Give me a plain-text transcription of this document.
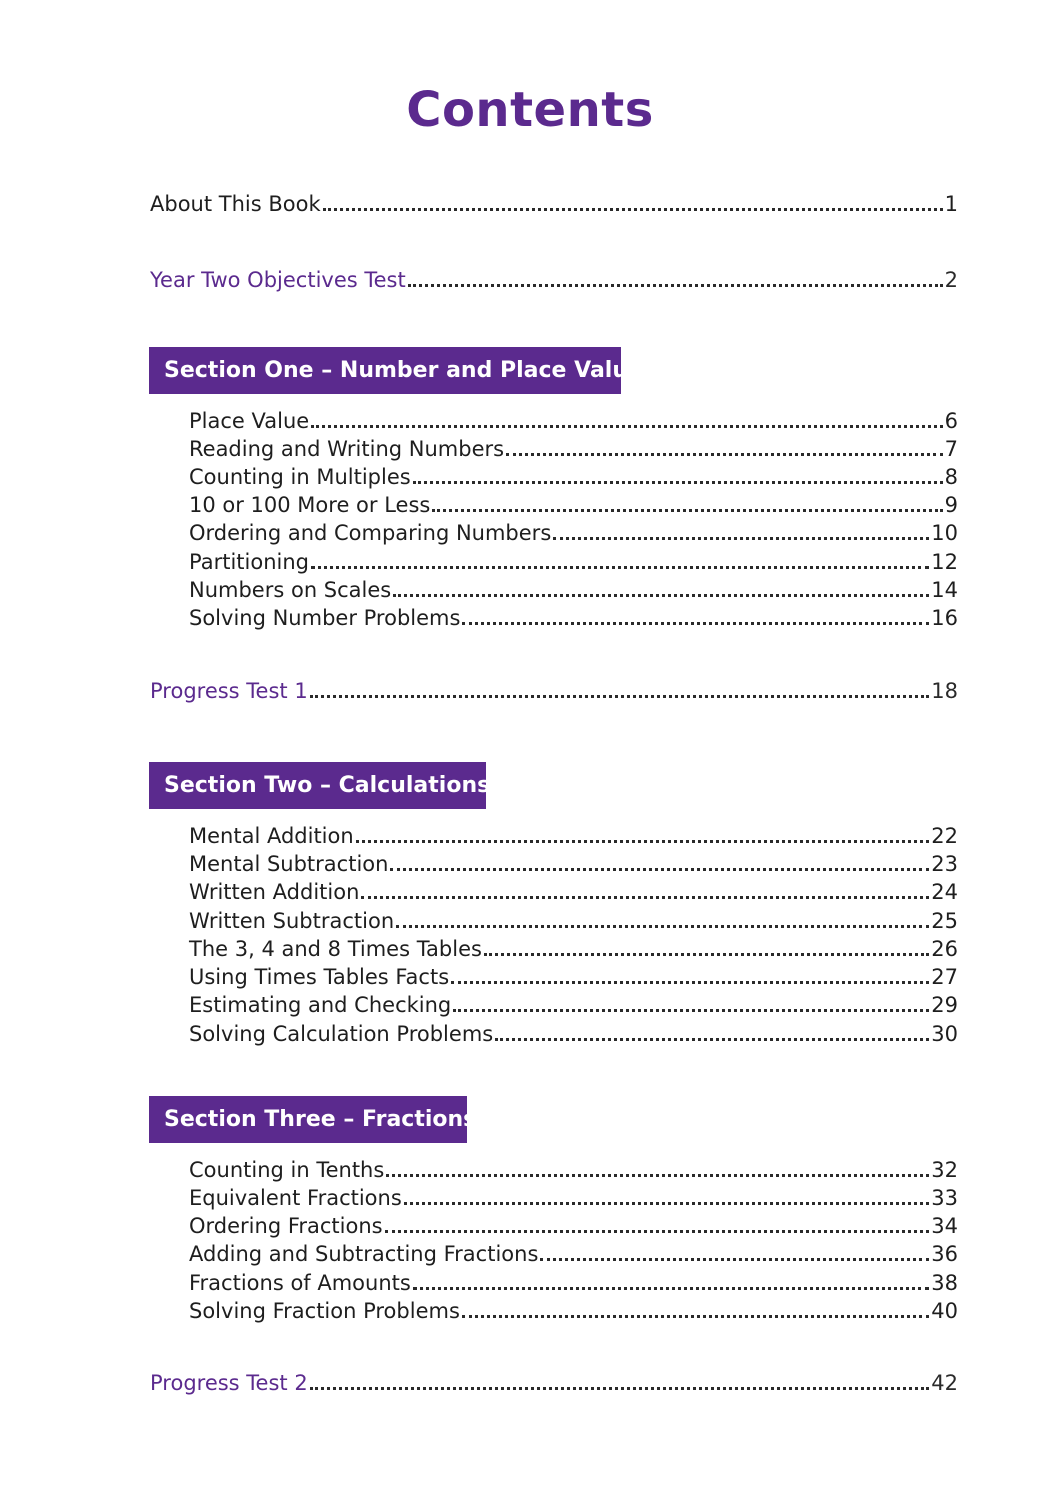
Contents
About This Book	1
Year Two Objectives Test	2
Section One – Number and Place Value
Place Value	6
Reading and Writing Numbers	7
Counting in Multiples	8
10 or 100 More or Less	9
Ordering and Comparing Numbers	10
Partitioning	12
Numbers on Scales	14
Solving Number Problems	16
Progress Test 1	18
Section Two – Calculations
Mental Addition	22
Mental Subtraction	23
Written Addition	24
Written Subtraction	25
The 3, 4 and 8 Times Tables	26
Using Times Tables Facts	27
Estimating and Checking	29
Solving Calculation Problems	30
Section Three – Fractions
Counting in Tenths	32
Equivalent Fractions	33
Ordering Fractions	34
Adding and Subtracting Fractions	36
Fractions of Amounts	38
Solving Fraction Problems	40
Progress Test 2	42
